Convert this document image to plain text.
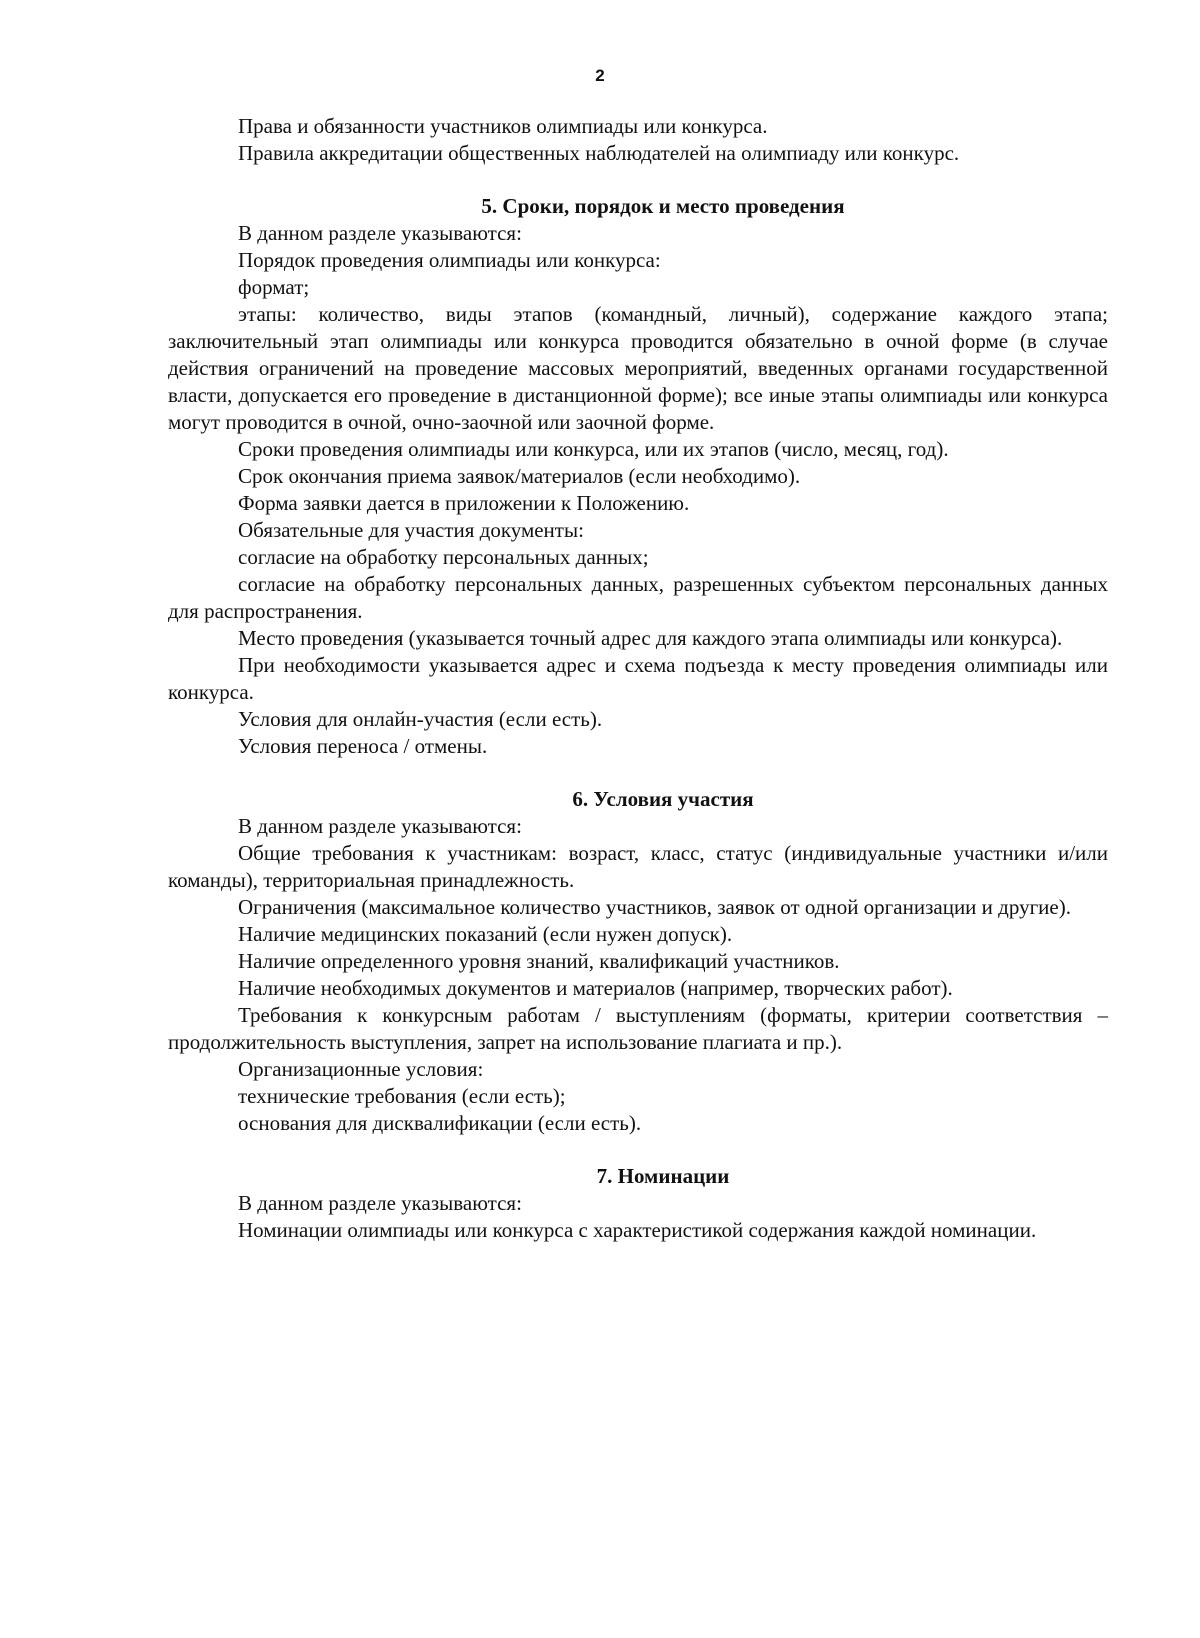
2

Права и обязанности участников олимпиады или конкурса.

Правила аккредитации общественных наблюдателей на олимпиаду или конкурс.

5. Сроки, порядок и место проведения

В данном разделе указываются:

Порядок проведения олимпиады или конкурса:

формат;

этапы: количество, виды этапов (командный, личный), содержание каждого этапа; заключительный этап олимпиады или конкурса проводится обязательно в очной форме (в случае действия ограничений на проведение массовых мероприятий, введенных органами государственной власти, допускается его проведение в дистанционной форме); все иные этапы олимпиады или конкурса могут проводится в очной, очно-заочной или заочной форме.

Сроки проведения олимпиады или конкурса, или их этапов (число, месяц, год).

Срок окончания приема заявок/материалов (если необходимо).

Форма заявки дается в приложении к Положению.

Обязательные для участия документы:

согласие на обработку персональных данных;

согласие на обработку персональных данных, разрешенных субъектом персональных данных для распространения.

Место проведения (указывается точный адрес для каждого этапа олимпиады или конкурса).

При необходимости указывается адрес и схема подъезда к месту проведения олимпиады или конкурса.

Условия для онлайн-участия (если есть).

Условия переноса / отмены.

6. Условия участия

В данном разделе указываются:

Общие требования к участникам: возраст, класс, статус (индивидуальные участники и/или команды), территориальная принадлежность.

Ограничения (максимальное количество участников, заявок от одной организации и другие).

Наличие медицинских показаний (если нужен допуск).

Наличие определенного уровня знаний, квалификаций участников.

Наличие необходимых документов и материалов (например, творческих работ).

Требования к конкурсным работам / выступлениям (форматы, критерии соответствия – продолжительность выступления, запрет на использование плагиата и пр.).

Организационные условия:

технические требования (если есть);

основания для дисквалификации (если есть).

7. Номинации

В данном разделе указываются:

Номинации олимпиады или конкурса с характеристикой содержания каждой номинации.
